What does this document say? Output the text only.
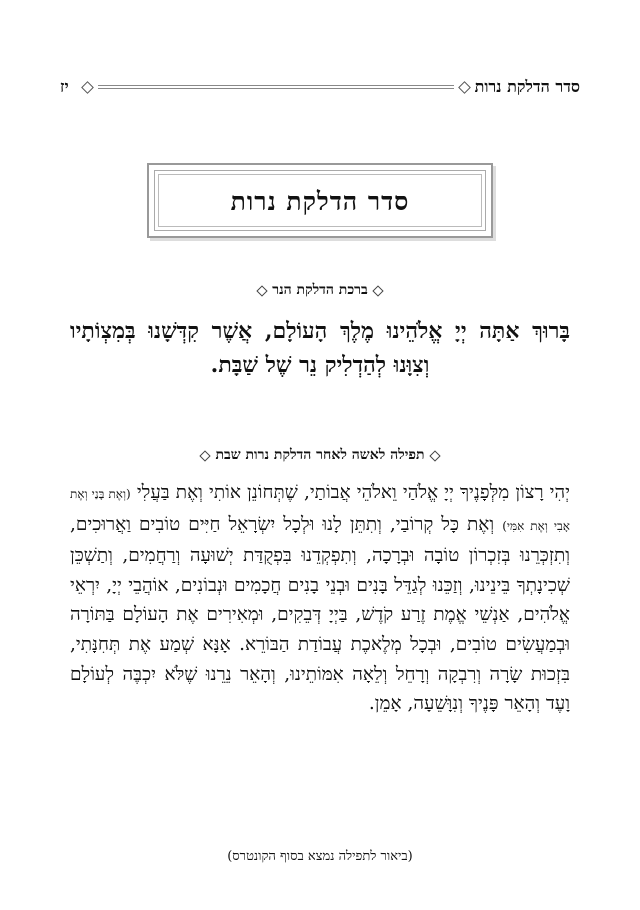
סדר הדלקת נרות
יז
סדר הדלקת נרות
ברכת הדלקת הנר
בָּרוּךְ אַתָּה יְיָ אֱלֹהֵינוּ מֶלֶךְ הָעוֹלָם, אֲשֶׁר קִדְּשָׁנוּ בְּמִצְוֹתָיו וְצִוָּנוּ לְהַדְלִיק נֵר שֶׁל שַׁבָּת.
תפילה לאשה לאחר הדלקת נרות שבת
יְהִי רָצוֹן מִלְּפָנֶיךָ יְיָ אֱלֹהַי וֵאלֹהֵי אֲבוֹתַי, שֶׁתְּחוֹנֵן אוֹתִי וְאֶת בַּעֲלִי (וְאֶת בָּנַי וְאֶת אָבִי וְאֶת אִמִּי) וְאֶת כָּל קְרוֹבַי, וְתִתֵּן לָנוּ וּלְכָל יִשְׂרָאֵל חַיִּים טוֹבִים וַאֲרוּכִים, וְתִזְכְּרֵנוּ בְּזִכְרוֹן טוֹבָה וּבְרָכָה, וְתִפְקְדֵנוּ בִּפְקֻדַּת יְשׁוּעָה וְרַחֲמִים, וְתַשְׁכֵּן שְׁכִינָתְךָ בֵּינֵינוּ, וְזַכֵּנוּ לְגַדֵּל בָּנִים וּבְנֵי בָנִים חֲכָמִים וּנְבוֹנִים, אוֹהֲבֵי יְיָ, יִרְאֵי אֱלֹהִים, אַנְשֵׁי אֱמֶת זֶרַע קֹדֶשׁ, בַּיְיָ דְּבֵקִים, וּמְאִירִים אֶת הָעוֹלָם בַּתּוֹרָה וּבְמַעֲשִׂים טוֹבִים, וּבְכָל מְלֶאכֶת עֲבוֹדַת הַבּוֹרֵא. אָנָּא שְׁמַע אֶת תְּחִנָּתִי, בִּזְכוּת שָׂרָה וְרִבְקָה וְרָחֵל וְלֵאָה אִמּוֹתֵינוּ, וְהָאֵר נֵרֵנוּ שֶׁלֹּא יִכְבֶּה לְעוֹלָם וָעֶד וְהָאֵר פָּנֶיךָ וְנִוָּשֵׁעָה, אָמֵן.
(ביאור לתפילה נמצא בסוף הקונטרס)
